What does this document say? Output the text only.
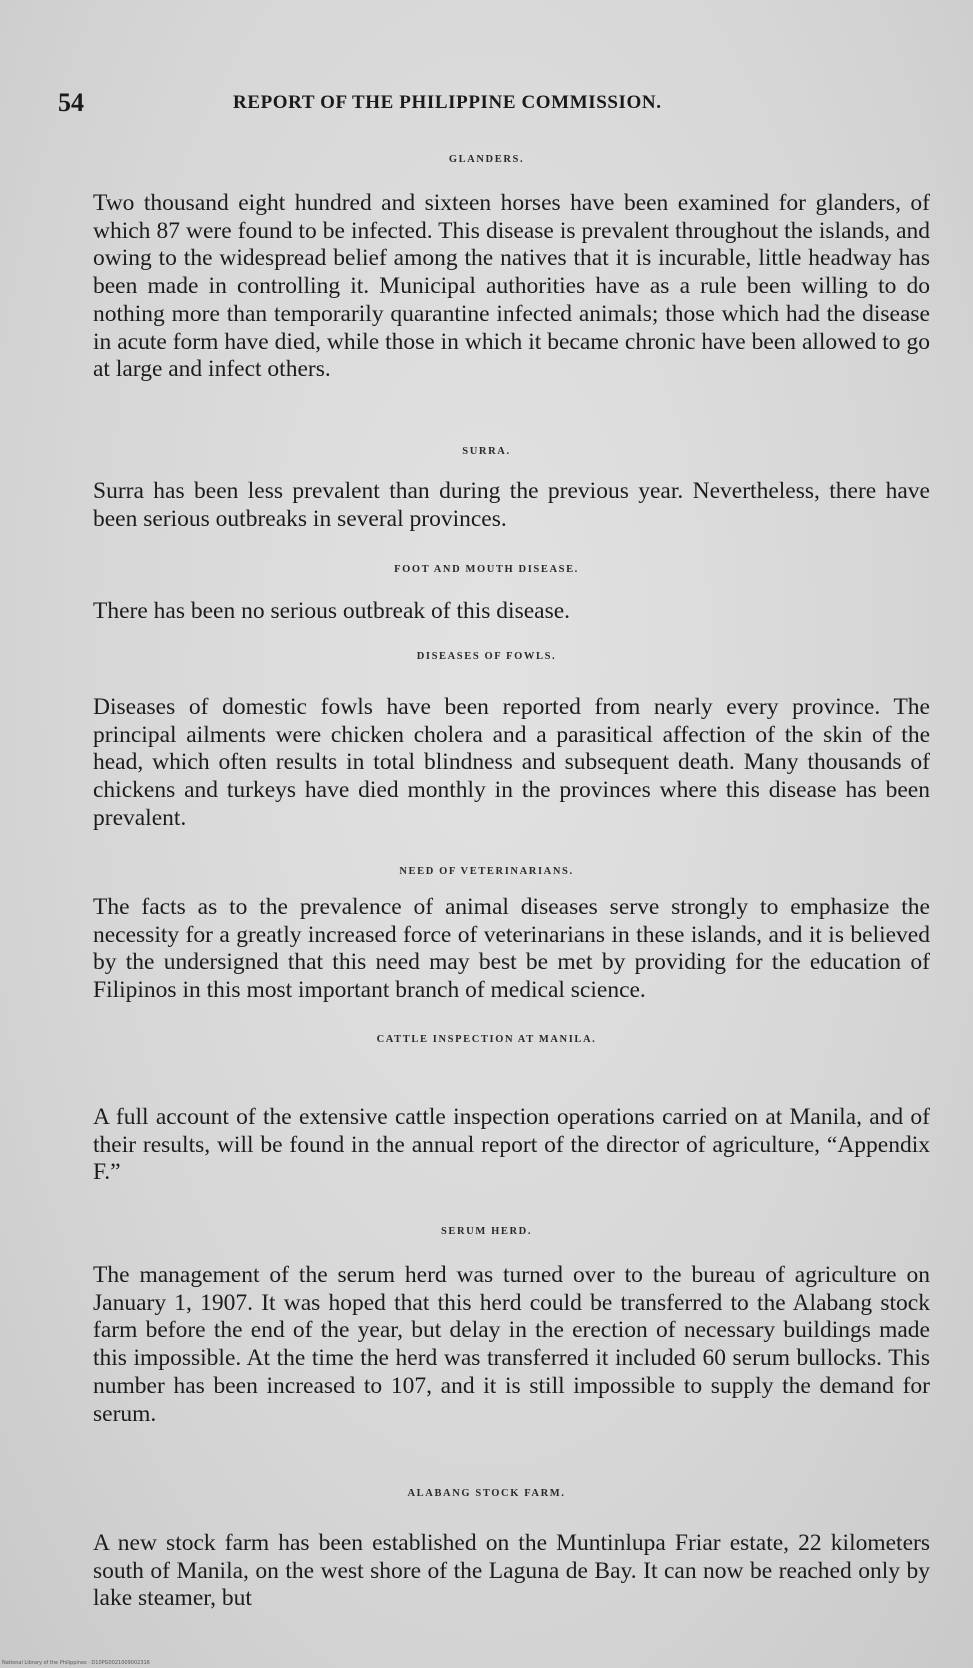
54	REPORT OF THE PHILIPPINE COMMISSION.
GLANDERS.
Two thousand eight hundred and sixteen horses have been examined for glanders, of which 87 were found to be infected. This disease is prevalent throughout the islands, and owing to the widespread belief among the natives that it is incurable, little headway has been made in controlling it. Municipal authorities have as a rule been willing to do nothing more than temporarily quarantine infected animals; those which had the disease in acute form have died, while those in which it became chronic have been allowed to go at large and infect others.
SURRA.
Surra has been less prevalent than during the previous year. Nevertheless, there have been serious outbreaks in several provinces.
FOOT AND MOUTH DISEASE.
There has been no serious outbreak of this disease.
DISEASES OF FOWLS.
Diseases of domestic fowls have been reported from nearly every province. The principal ailments were chicken cholera and a parasitical affection of the skin of the head, which often results in total blindness and subsequent death. Many thousands of chickens and turkeys have died monthly in the provinces where this disease has been prevalent.
NEED OF VETERINARIANS.
The facts as to the prevalence of animal diseases serve strongly to emphasize the necessity for a greatly increased force of veterinarians in these islands, and it is believed by the undersigned that this need may best be met by providing for the education of Filipinos in this most important branch of medical science.
CATTLE INSPECTION AT MANILA.
A full account of the extensive cattle inspection operations carried on at Manila, and of their results, will be found in the annual report of the director of agriculture, “Appendix F.”
SERUM HERD.
The management of the serum herd was turned over to the bureau of agriculture on January 1, 1907. It was hoped that this herd could be transferred to the Alabang stock farm before the end of the year, but delay in the erection of necessary buildings made this impossible. At the time the herd was transferred it included 60 serum bullocks. This number has been increased to 107, and it is still impossible to supply the demand for serum.
ALABANG STOCK FARM.
A new stock farm has been established on the Muntinlupa Friar estate, 22 kilometers south of Manila, on the west shore of the Laguna de Bay. It can now be reached only by lake steamer, but
National Library of the Philippines · D10PG0021009002316
